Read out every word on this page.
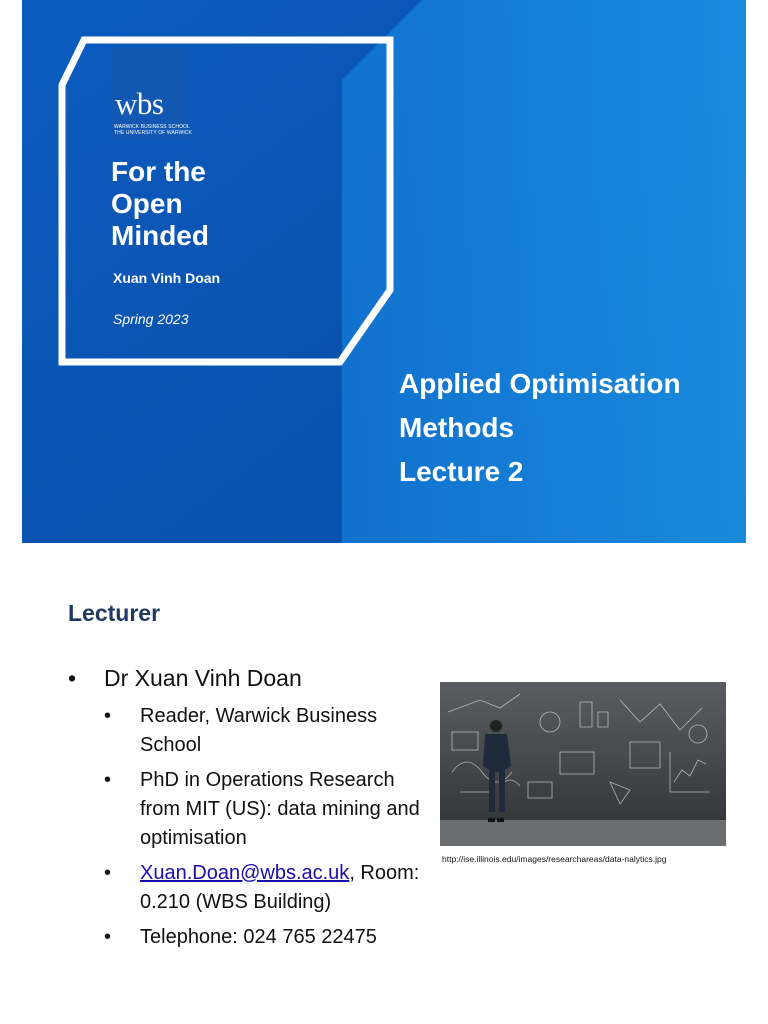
wbs
WARWICK BUSINESS SCHOOL
THE UNIVERSITY OF WARWICK
For the
Open
Minded
Xuan Vinh Doan
Spring 2023
Applied Optimisation
Methods
Lecture 2
Lecturer
• Dr Xuan Vinh Doan
• Reader, Warwick Business School
• PhD in Operations Research from MIT (US): data mining and optimisation
• Xuan.Doan@wbs.ac.uk, Room: 0.210 (WBS Building)
• Telephone: 024 765 22475
http://ise.illinois.edu/images/researchareas/data-nalytics.jpg
